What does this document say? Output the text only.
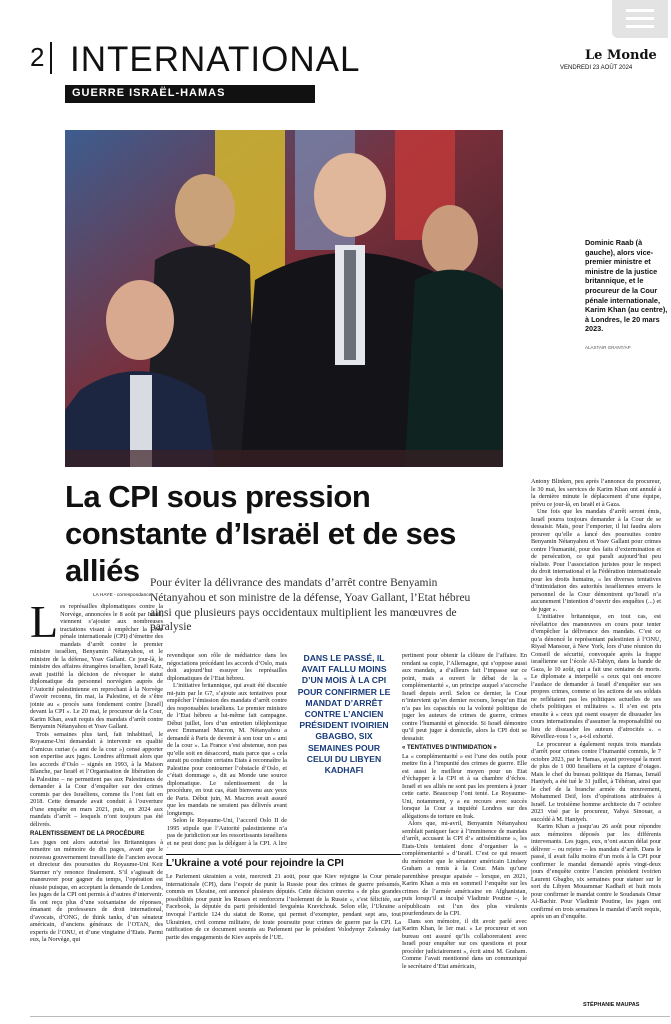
2 INTERNATIONAL
GUERRE ISRAËL-HAMAS
Le Monde
VENDREDI 23 AOÛT 2024
Dominic Raab (à gauche), alors vice-premier ministre et ministre de la justice britannique, et le procureur de la Cour pénale internationale, Karim Khan (au centre), à Londres, le 20 mars 2023.
ALASTAIR GRANT/AP
La CPI sous pression constante d’Israël et de ses alliés Pour éviter la délivrance des mandats d’arrêt contre Benyamin Nétanyahou et son ministre de la défense, Yoav Gallant, l’Etat hébreu ainsi que plusieurs pays occidentaux multiplient les manœuvres de paralysie
LA HAYE - correspondance

Les représailles diplomatiques contre la Norvège, annoncées le 8 août par Israël, viennent s’ajouter aux nombreuses tractations visant à empêcher la Cour pénale internationale (CPI) d’émettre des mandats d’arrêt contre le premier ministre israélien, Benyamin Nétanyahou, et le ministre de la défense, Yoav Gallant. Ce jour-là, le ministre des affaires étrangères israélien, Israël Katz, avait justifié la décision de révoquer le statut diplomatique du personnel norvégien auprès de l’Autorité palestinienne en reprochant à la Norvège d’avoir reconnu, fin mai, la Palestine, et de s’être jointe au « procès sans fondement contre [Israël] devant la CPI ». Le 20 mai, le procureur de la Cour, Karim Khan, avait requis des mandats d’arrêt contre Benyamin Nétanyahou et Yoav Gallant.

Trois semaines plus tard, fait inhabituel, le Royaume-Uni demandait à intervenir en qualité d’amicus curiae (« ami de la cour ») censé apporter son expertise aux juges. Londres affirmait alors que les accords d’Oslo – signés en 1993, à la Maison Blanche, par Israël et l’Organisation de libération de la Palestine – ne permettent pas aux Palestiniens de demander à la Cour d’enquêter sur des crimes commis par des Israéliens, comme ils l’ont fait en 2018. Cette demande avait conduit à l’ouverture d’une enquête en mars 2021, puis, en 2024 aux mandats d’arrêt – lesquels n’ont toujours pas été délivrés.

RALENTISSEMENT DE LA PROCÉDURE

Les juges ont alors autorisé les Britanniques à remettre un mémoire de dix pages, avant que le nouveau gouvernement travailliste de l’ancien avocat et directeur des poursuites du Royaume-Uni Keir Starmer n’y renonce finalement. S’il s’agissait de manœuvrer pour gagner du temps, l’opération est réussie puisque, en acceptant la demande de Londres, les juges de la CPI ont permis à d’autres d’intervenir. Ils ont reçu plus d’une soixantaine de réponses, émanant de professeurs de droit international, d’avocats, d’ONG, de think tanks, d’un sénateur américain, d’anciens généraux de l’OTAN, des experts de l’ONU, et d’une vingtaine d’Etats. Parmi eux, la Norvège, qui

revendique son rôle de médiatrice dans les négociations précédant les accords d’Oslo, mais doit aujourd’hui essuyer les représailles diplomatiques de l’Etat hébreu.

L’initiative britannique, qui avait été discutée mi-juin par le G7, s’ajoute aux tentatives pour empêcher l’émission des mandats d’arrêt contre des responsables israéliens. Le premier ministre de l’Etat hébreu a lui-même fait campagne. Début juillet, lors d’un entretien téléphonique avec Emmanuel Macron, M. Nétanyahou a demandé à Paris de devenir à son tour un « ami de la cour ». La France s’est abstenue, non pas qu’elle soit en désaccord, mais parce que « cela aurait pu conduire certains Etats à reconnaître la Palestine pour contourner l’obstacle d’Oslo, et c’était dommage », dit au Monde une source diplomatique. Le ralentissement de la procédure, en tout cas, était bienvenu aux yeux de Paris. Début juin, M. Macron avait assuré que les mandats ne seraient pas délivrés avant longtemps.

Selon le Royaume-Uni, l’accord Oslo II de 1995 stipule que l’Autorité palestinienne n’a pas de juridiction sur les ressortissants israéliens et ne peut donc pas la déléguer à la CPI. A lire

DANS LE PASSÉ, IL AVAIT FALLU MOINS D’UN MOIS À LA CPI POUR CONFIRMER LE MANDAT D’ARRÊT CONTRE L’ANCIEN PRÉSIDENT IVOIRIEN GBAGBO, SIX SEMAINES POUR CELUI DU LIBYEN KADHAFI

pertinent pour obtenir la clôture de l’affaire. En rendant sa copie, l’Allemagne, qui s’oppose aussi aux mandats, a d’ailleurs fait l’impasse sur ce point, mais a ouvert le débat de la « complémentarité », un principe auquel s’accroche Israël depuis avril. Selon ce dernier, la Cour n’intervient qu’en dernier recours, lorsqu’un Etat n’a pas les capacités ou la volonté politique de juger les auteurs de crimes de guerre, crimes contre l’humanité et génocide. Si Israël démontre qu’il peut juger à domicile, alors la CPI doit se dessaisir.

« TENTATIVES D’INTIMIDATION »

La « complémentarité » est l’une des outils pour mettre fin à l’impunité des crimes de guerre. Elle est aussi le meilleur moyen pour un Etat d’échapper à la CPI et à sa chambre d’échos. Israël et ses alliés ne sont pas les premiers à jouer cette carte. Beaucoup l’ont tenté. Le Royaume-Uni, notamment, y a eu recours avec succès lorsque la Cour a inquiété Londres sur des allégations de torture en Irak.

Alors que, mi-avril, Benyamin Nétanyahou semblait paniquer face à l’imminence de mandats d’arrêt, accusant la CPI d’« antisémitisme », les Etats-Unis tentaient donc d’organiser la « complémentarité » d’Israël. C’est ce qui ressort du mémoire que le sénateur américain Lindsey Graham a remis à la Cour. Mais qu’une parenthèse presque apaisée – lorsque, en 2021, Karim Khan a mis en sommeil l’enquête sur les crimes de l’armée américaine en Afghanistan, puis lorsqu’il a inculpé Vladimir Poutine –, le républicain est l’un des plus virulents pourfendeurs de la CPI.

Dans son mémoire, il dit avoir parlé avec Karim Khan, le 1er mai. « Le procureur et son bureau ont assuré qu’ils collaboreraient avec Israël pour enquêter sur ces questions et pour procéder judiciairement », écrit ainsi M. Graham. Comme l’avait mentionné dans un communiqué le secrétaire d’Etat américain,

Antony Blinken, peu après l’annonce du procureur, le 30 mai, les services de Karim Khan ont annulé à la dernière minute le déplacement d’une équipe, prévu ce jour-là, en Israël et à Gaza.

Une fois que les mandats d’arrêt seront émis, Israël pourra toujours demander à la Cour de se dessaisir. Mais, pour l’emporter, il lui faudra alors prouver qu’elle a lancé des poursuites contre Benyamin Nétanyahou et Yoav Gallant pour crimes contre l’humanité, pour des faits d’extermination et de persécution, ce qui paraît aujourd’hui peu réaliste. Pour l’association juristes pour le respect du droit international et la Fédération internationale pour les droits humains, « les diverses tentatives d’intimidation des autorités israéliennes envers le personnel de la Cour démontrent qu’Israël n’a aucunement l’intention d’ouvrir des enquêtes (...) et de juger ».

L’initiative britannique, en tout cas, est révélatrice des manœuvres en cours pour tenter d’empêcher la délivrance des mandats. C’est ce qu’a dénoncé le représentant palestinien à l’ONU, Riyad Mansour, à New York, lors d’une réunion du Conseil de sécurité, convoquée après la frappe israélienne sur l’école Al-Tabiyn, dans la bande de Gaza, le 10 août, qui a fait une centaine de morts. Le diplomate a interpellé « ceux qui ont encore l’audace de demander à Israël d’enquêter sur ses propres crimes, comme si les actions de ses soldats ne reflétaient pas les politiques actuelles de ses chefs politiques et militaires ». Il s’en est pris ensuite à « ceux qui osent essayer de dissuader les cours internationales d’assumer la responsabilité ou lieu de dissuader les auteurs d’atrocités ». « Réveillez-vous ! », a-t-il exhorté.

Le procureur a également requis trois mandats d’arrêt pour crimes contre l’humanité commis, le 7 octobre 2023, par le Hamas, ayant provoqué la mort de plus de 1 000 Israéliens et la capture d’otages. Mais le chef du bureau politique du Hamas, Ismaïl Haniyeh, a été tué le 31 juillet, à Téhéran, ainsi que le chef de la branche armée du mouvement, Mohammed Deif, lors d’opérations attribuées à Israël. Le troisième homme architecte du 7 octobre 2023 visé par le procureur, Yahya Sinouar, a succédé à M. Haniyeh.

Karim Khan a jusqu’au 26 août pour répondre aux mémoires déposés par les différents intervenants. Les juges, eux, n’ont aucun délai pour délivrer – ou rejeter – les mandats d’arrêt. Dans le passé, il avait fallu moins d’un mois à la CPI pour confirmer le mandat demandé après vingt-deux jours d’enquête contre l’ancien président ivoirien Laurent Gbagbo, six semaines pour statuer sur le sort du Libyen Mouammar Kadhafi et huit mois pour confirmer le mandat contre le Soudanais Omar Al-Bachir. Pour Vladimir Poutine, les juges ont confirmé en trois semaines le mandat d’arrêt requis, après un an d’enquête.

STÉPHANIE MAUPAS
L’Ukraine a voté pour rejoindre la CPI
Le Parlement ukrainien a voté, mercredi 21 août, pour que Kiev rejoigne la Cour pénale internationale (CPI), dans l’espoir de punir la Russie pour des crimes de guerre présumés, commis en Ukraine, ont annoncé plusieurs députés. Cette décision ouvrira « de plus grandes possibilités pour punir les Russes et renforcera l’isolement de la Russie », s’est félicitée, sur Facebook, la députée du parti présidentiel Ievguénia Kravtchouk. Selon elle, l’Ukraine a invoqué l’article 124 du statut de Rome, qui permet d’exempter, pendant sept ans, tout Ukrainien, civil comme militaire, de toute poursuite pour crimes de guerre par la CPI. La ratification de ce document soumis au Parlement par le président Volodymyr Zelensky fait partie des engagements de Kiev auprès de l’UE.
